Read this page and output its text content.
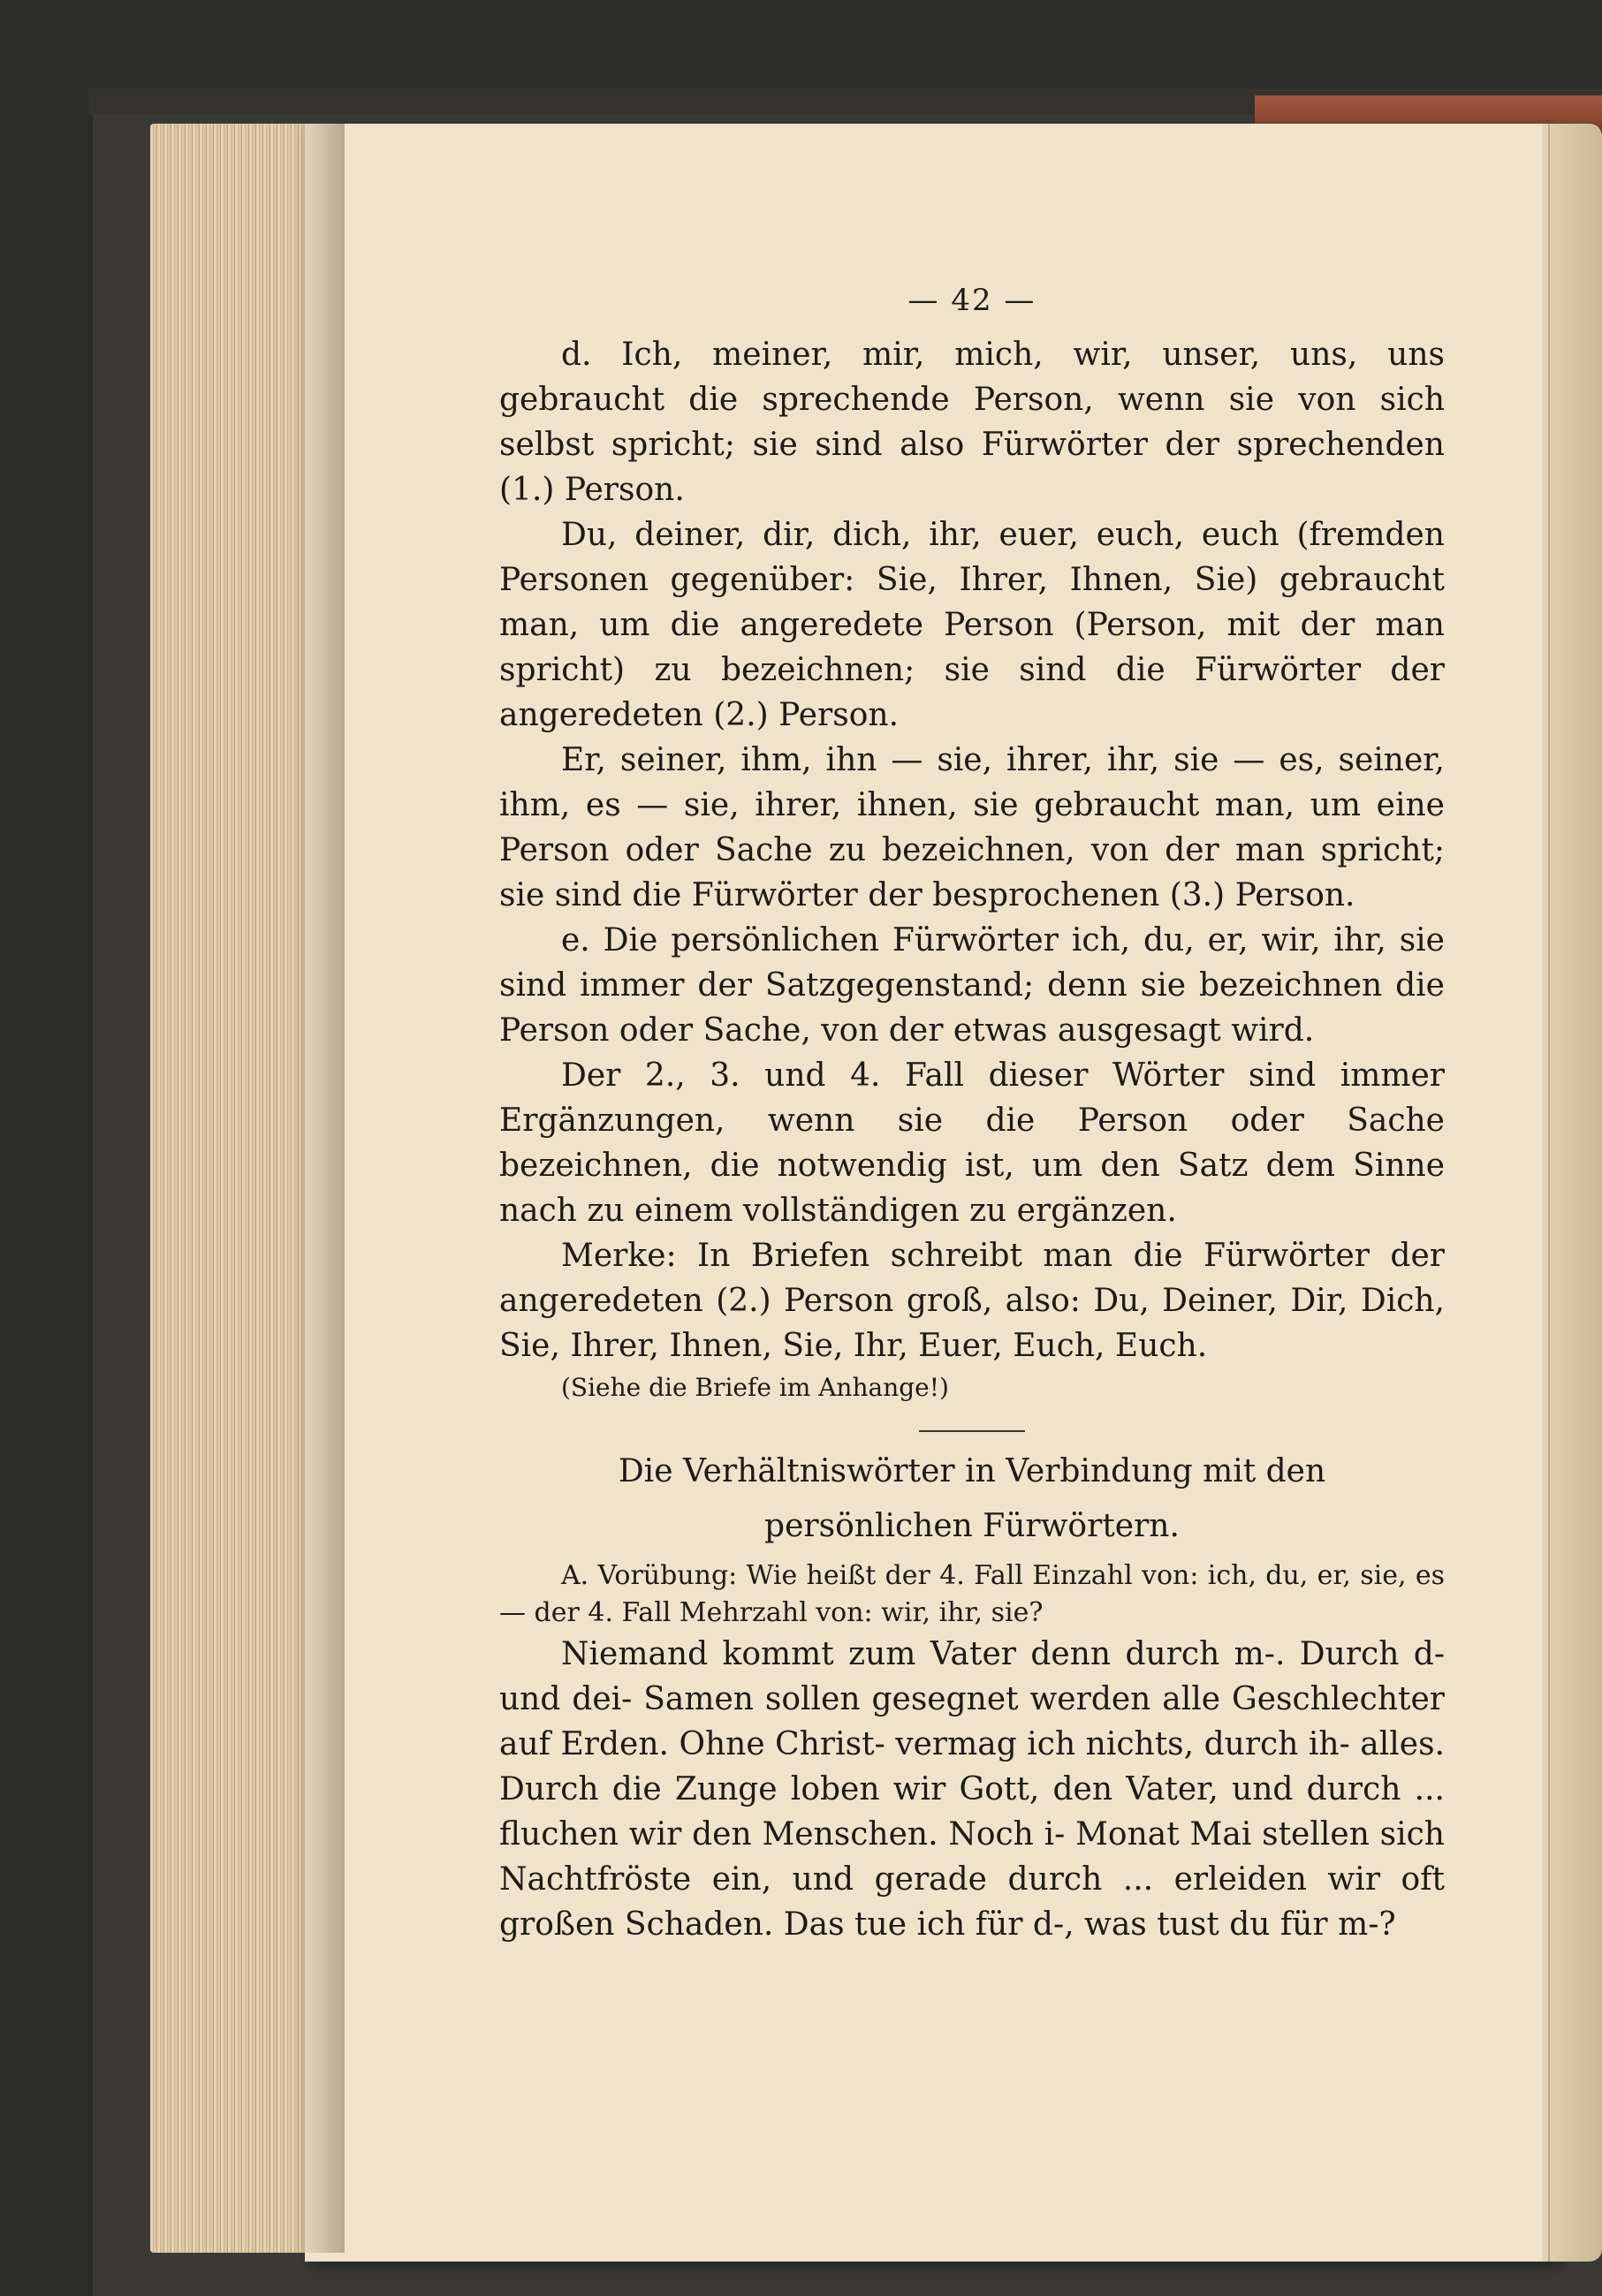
— 42 —

d. Ich, meiner, mir, mich, wir, unser, uns, uns gebraucht die sprechende Person, wenn sie von sich selbst spricht; sie sind also Fürwörter der sprechenden (1.) Person.

Du, deiner, dir, dich, ihr, euer, euch, euch (fremden Personen gegenüber: Sie, Ihrer, Ihnen, Sie) gebraucht man, um die angeredete Person (Person, mit der man spricht) zu bezeichnen; sie sind die Fürwörter der angeredeten (2.) Person.

Er, seiner, ihm, ihn — sie, ihrer, ihr, sie — es, seiner, ihm, es — sie, ihrer, ihnen, sie gebraucht man, um eine Person oder Sache zu bezeichnen, von der man spricht; sie sind die Fürwörter der besprochenen (3.) Person.

e. Die persönlichen Fürwörter ich, du, er, wir, ihr, sie sind immer der Satzgegenstand; denn sie bezeichnen die Person oder Sache, von der etwas ausgesagt wird.

Der 2., 3. und 4. Fall dieser Wörter sind immer Ergänzungen, wenn sie die Person oder Sache bezeichnen, die notwendig ist, um den Satz dem Sinne nach zu einem vollständigen zu ergänzen.

Merke: In Briefen schreibt man die Fürwörter der angeredeten (2.) Person groß, also: Du, Deiner, Dir, Dich, Sie, Ihrer, Ihnen, Sie, Ihr, Euer, Euch, Euch.

(Siehe die Briefe im Anhange!)

Die Verhältniswörter in Verbindung mit den
persönlichen Fürwörtern.

A. Vorübung: Wie heißt der 4. Fall Einzahl von: ich, du, er, sie, es — der 4. Fall Mehrzahl von: wir, ihr, sie?

Niemand kommt zum Vater denn durch m-. Durch d- und dei- Samen sollen gesegnet werden alle Geschlechter auf Erden. Ohne Christ- vermag ich nichts, durch ih- alles. Durch die Zunge loben wir Gott, den Vater, und durch ... fluchen wir den Menschen. Noch i- Monat Mai stellen sich Nachtfröste ein, und gerade durch ... erleiden wir oft großen Schaden. Das tue ich für d-, was tust du für m-?
